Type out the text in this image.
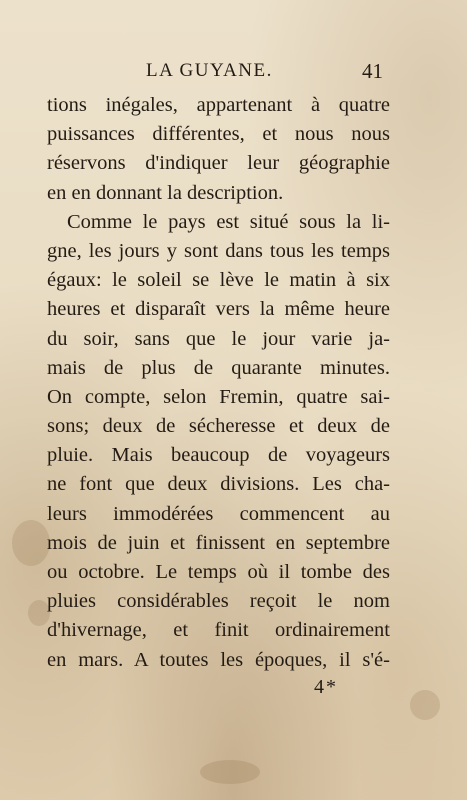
LA GUYANE.	41
tions inégales, appartenant à quatre
puissances différentes, et nous nous
réservons d'indiquer leur géographie
en en donnant la description.
Comme le pays est situé sous la li-
gne, les jours y sont dans tous les temps
égaux: le soleil se lève le matin à six
heures et disparaît vers la même heure
du soir, sans que le jour varie ja-
mais de plus de quarante minutes.
On compte, selon Fremin, quatre sai-
sons; deux de sécheresse et deux de
pluie. Mais beaucoup de voyageurs
ne font que deux divisions. Les cha-
leurs immodérées commencent au
mois de juin et finissent en septembre
ou octobre. Le temps où il tombe des
pluies considérables reçoit le nom
d'hivernage, et finit ordinairement
en mars. A toutes les époques, il s'é-
4*
